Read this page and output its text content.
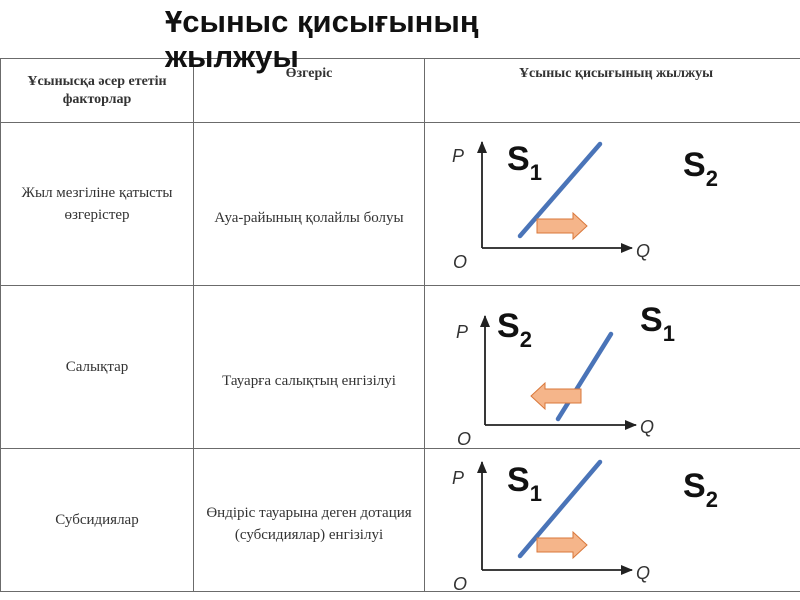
Ұсыныс қисығының жылжуы
Ұсынысқа әсер ететін факторлар	Өзгеріс	Ұсыныс қисығының жылжуы
Жыл мезгіліне қатысты өзгерістер	Ауа-райының қолайлы болуы	
Салықтар	Тауарға салықтың енгізілуі	
Субсидиялар	Өндіріс тауарына деген дотация (субсидиялар) енгізілуі	
P
O
Q
S1	S2
P
O
Q
S2
S1
P
O
Q
S1	S2
